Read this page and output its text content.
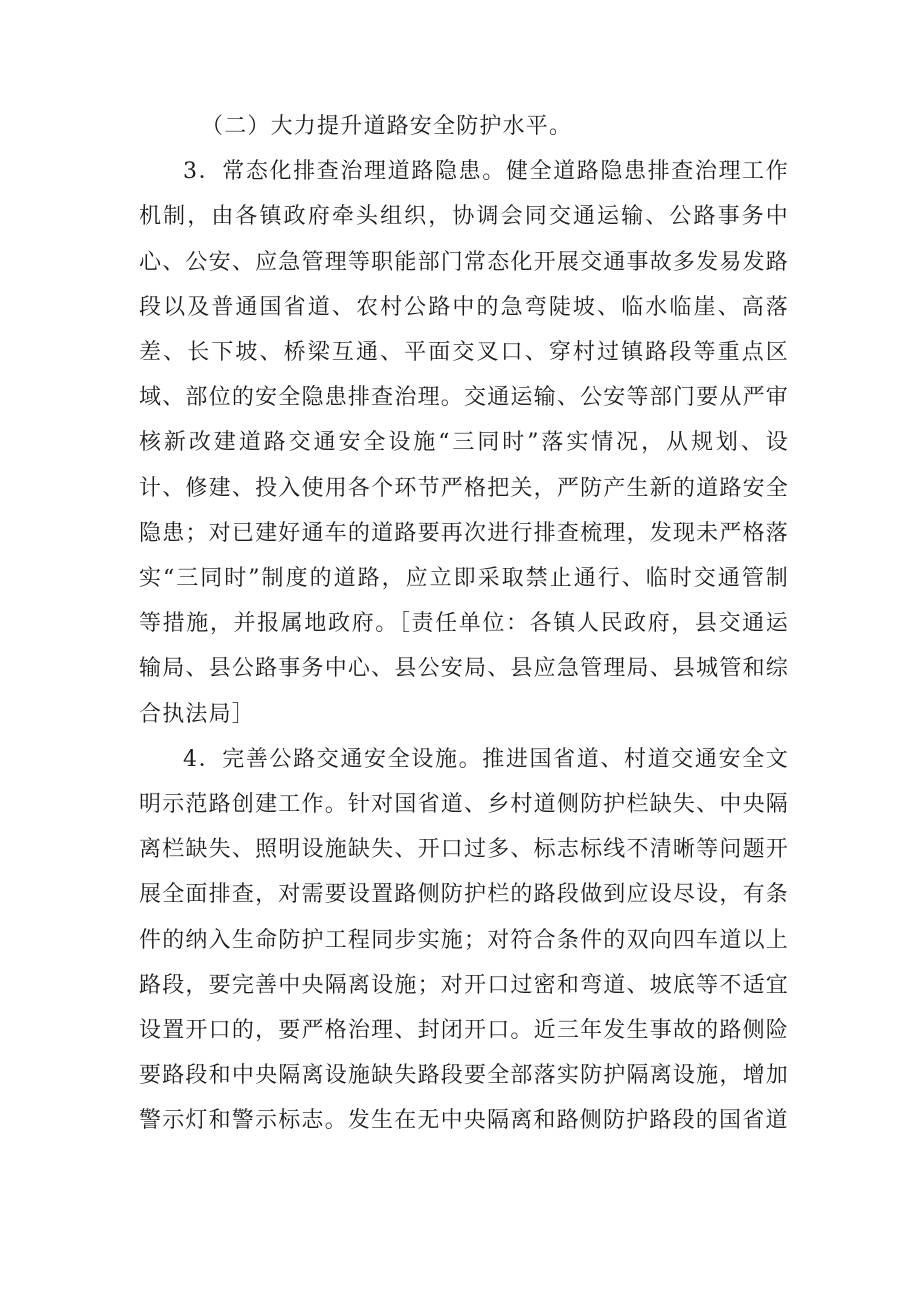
（二）大力提升道路安全防护水平。

3．常态化排查治理道路隐患。健全道路隐患排查治理工作机制，由各镇政府牵头组织，协调会同交通运输、公路事务中心、公安、应急管理等职能部门常态化开展交通事故多发易发路段以及普通国省道、农村公路中的急弯陡坡、临水临崖、高落差、长下坡、桥梁互通、平面交叉口、穿村过镇路段等重点区域、部位的安全隐患排查治理。交通运输、公安等部门要从严审核新改建道路交通安全设施“三同时”落实情况，从规划、设计、修建、投入使用各个环节严格把关，严防产生新的道路安全隐患；对已建好通车的道路要再次进行排查梳理，发现未严格落实“三同时”制度的道路，应立即采取禁止通行、临时交通管制等措施，并报属地政府。［责任单位：各镇人民政府，县交通运输局、县公路事务中心、县公安局、县应急管理局、县城管和综合执法局］

4．完善公路交通安全设施。推进国省道、村道交通安全文明示范路创建工作。针对国省道、乡村道侧防护栏缺失、中央隔离栏缺失、照明设施缺失、开口过多、标志标线不清晰等问题开展全面排查，对需要设置路侧防护栏的路段做到应设尽设，有条件的纳入生命防护工程同步实施；对符合条件的双向四车道以上路段，要完善中央隔离设施；对开口过密和弯道、坡底等不适宜设置开口的，要严格治理、封闭开口。近三年发生事故的路侧险要路段和中央隔离设施缺失路段要全部落实防护隔离设施，增加警示灯和警示标志。发生在无中央隔离和路侧防护路段的国省道
